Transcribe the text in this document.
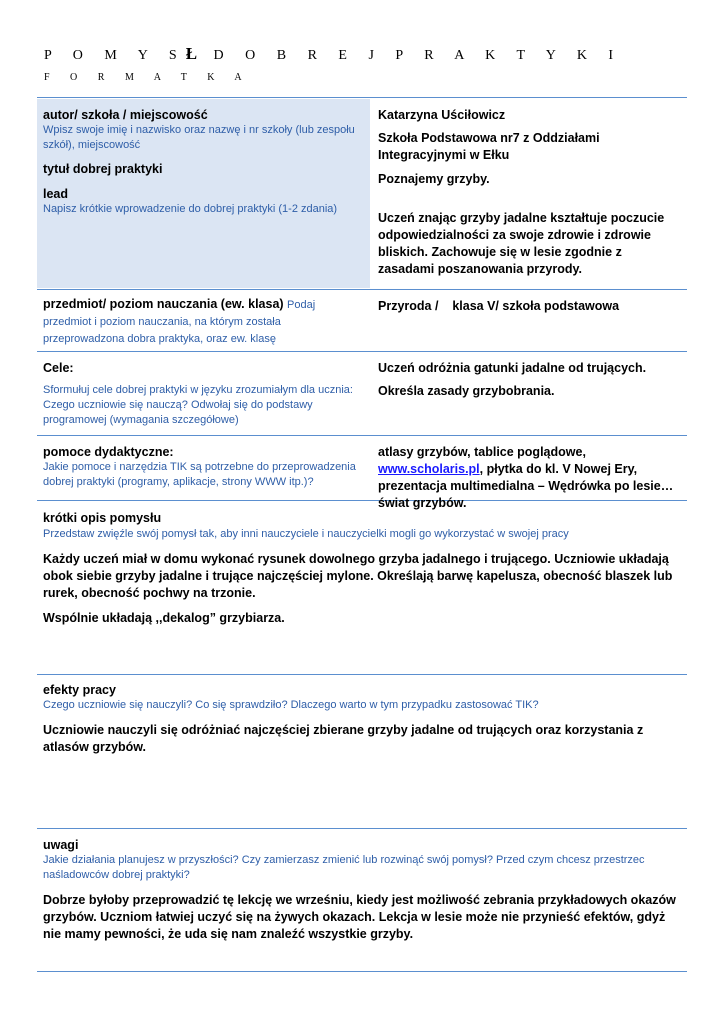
P O M Y SŁ D O B R E J P R A K T Y K I
F O R M A T K A

autor/ szkoła / miejscowość

Wpisz swoje imię i nazwisko oraz nazwę i nr szkoły (lub zespołu szkół), miejscowość

tytuł dobrej praktyki

lead

Napisz krótkie wprowadzenie do dobrej praktyki (1-2 zdania)

Katarzyna Uściłowicz

Szkoła Podstawowa nr7 z Oddziałami Integracyjnymi w Ełku

Poznajemy grzyby.

Uczeń znając grzyby jadalne kształtuje poczucie odpowiedzialności za swoje zdrowie i zdrowie bliskich. Zachowuje się w lesie zgodnie z zasadami poszanowania przyrody.

przedmiot/ poziom nauczania (ew. klasa) Podaj przedmiot i poziom nauczania, na którym została przeprowadzona dobra praktyka, oraz ew. klasę

Przyroda /    klasa V/ szkoła podstawowa

Cele:

Sformułuj cele dobrej praktyki w języku zrozumiałym dla ucznia: Czego uczniowie się nauczą? Odwołaj się do podstawy programowej (wymagania szczegółowe)

Uczeń odróżnia gatunki jadalne od trujących.

Określa zasady grzybobrania.

pomoce dydaktyczne:

Jakie pomoce i narzędzia TIK są potrzebne do przeprowadzenia dobrej praktyki (programy, aplikacje, strony WWW itp.)?

atlasy grzybów, tablice poglądowe, www.scholaris.pl, płytka do kl. V Nowej Ery, prezentacja multimedialna – Wędrówka po lesie…świat grzybów.

krótki opis pomysłu

Przedstaw zwięźle swój pomysł tak, aby inni nauczyciele i nauczycielki mogli go wykorzystać w swojej pracy

Każdy uczeń miał w domu wykonać rysunek dowolnego grzyba jadalnego i trującego. Uczniowie układają obok siebie grzyby jadalne i trujące najczęściej mylone. Określają barwę kapelusza, obecność blaszek lub rurek, obecność pochwy na trzonie.

Wspólnie układają ,,dekalog” grzybiarza.

efekty pracy

Czego uczniowie się nauczyli? Co się sprawdziło? Dlaczego warto w tym przypadku zastosować TIK?

Uczniowie nauczyli się odróżniać najczęściej zbierane grzyby jadalne od trujących oraz korzystania z atlasów grzybów.

uwagi

Jakie działania planujesz w przyszłości? Czy zamierzasz zmienić lub rozwinąć swój pomysł? Przed czym chcesz przestrzec naśladowców dobrej praktyki?

Dobrze byłoby przeprowadzić tę lekcję we wrześniu, kiedy jest możliwość zebrania przykładowych okazów grzybów. Uczniom łatwiej uczyć się na żywych okazach. Lekcja w lesie może nie przynieść efektów, gdyż nie mamy pewności, że uda się nam znaleźć wszystkie grzyby.
